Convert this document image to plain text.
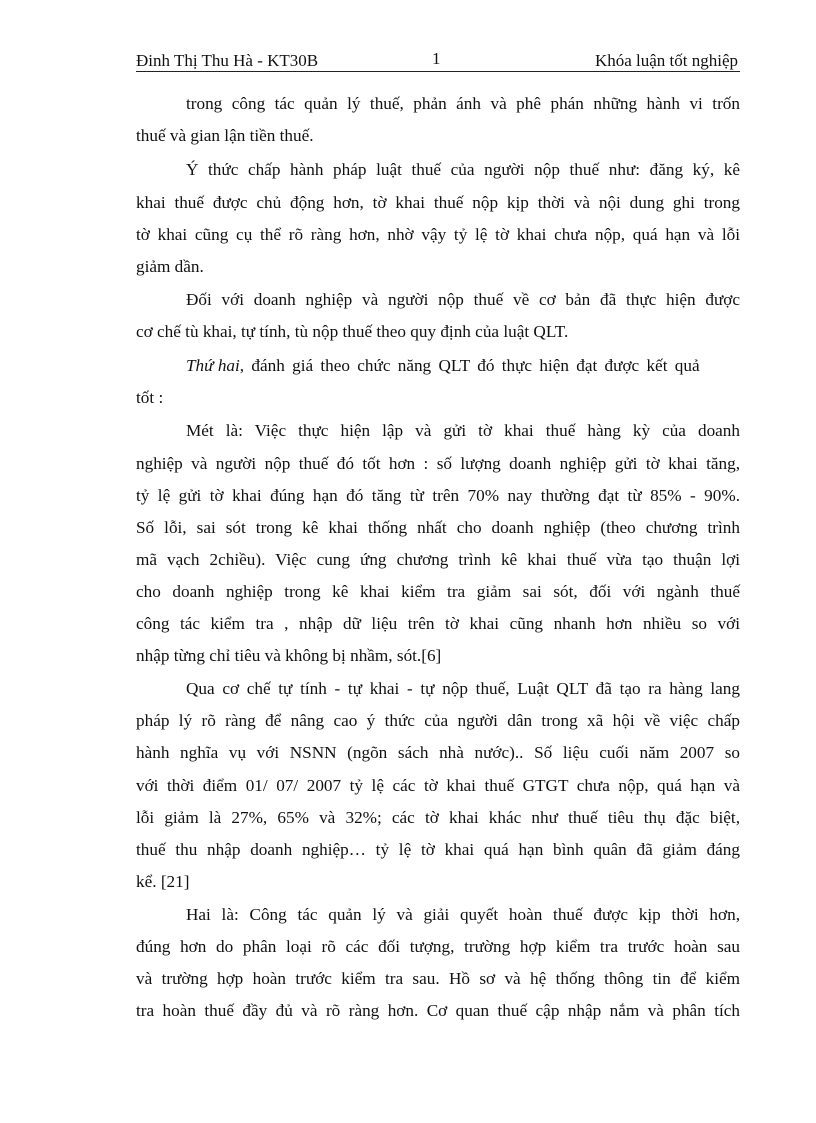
Đinh Thị Thu Hà - KT30B	1	Khóa luận tốt nghiệp
trong công tác quản lý thuế, phản ánh và phê phán những hành vi trốn
thuế và gian lận tiền thuế.
Ý thức chấp hành pháp luật thuế của người nộp thuế như: đăng ký, kê
khai thuế được chủ động hơn, tờ khai thuế nộp kịp thời và nội dung ghi trong
tờ khai cũng cụ thể rõ ràng hơn, nhờ vậy tỷ lệ tờ khai chưa nộp, quá hạn và lỗi
giảm dần.
Đối với doanh nghiệp và người nộp thuế về cơ bản đã thực hiện được
cơ chế tù khai, tự tính, tù nộp thuế theo quy định của luật QLT.
Thứ hai, đánh giá theo chức năng QLT đó thực hiện đạt được kết quả
tốt :
Mét là: Việc thực hiện lập và gửi tờ khai thuế hàng kỳ của doanh
nghiệp và người nộp thuế đó tốt hơn : số lượng doanh nghiệp gửi tờ khai tăng,
tỷ lệ gửi tờ khai đúng hạn đó tăng từ trên 70% nay thường đạt từ 85% - 90%.
Số lỗi, sai sót trong kê khai thống nhất cho doanh nghiệp (theo chương trình
mã vạch 2chiều). Việc cung ứng chương trình kê khai thuế vừa tạo thuận lợi
cho doanh nghiệp trong kê khai kiểm tra giảm sai sót, đối với ngành thuế
công tác kiểm tra , nhập dữ liệu trên tờ khai cũng nhanh hơn nhiều so với
nhập từng chỉ tiêu và không bị nhầm, sót.[6]
Qua cơ chế tự tính - tự khai - tự nộp thuế, Luật QLT đã tạo ra hàng lang
pháp lý rõ ràng để nâng cao ý thức của người dân trong xã hội về việc chấp
hành nghĩa vụ với NSNN (ngõn sách nhà nước).. Số liệu cuối năm 2007 so
với thời điểm 01/ 07/ 2007 tỷ lệ các tờ khai thuế GTGT chưa nộp, quá hạn và
lỗi giảm là 27%, 65% và 32%; các tờ khai khác như thuế tiêu thụ đặc biệt,
thuế thu nhập doanh nghiệp… tỷ lệ tờ khai quá hạn bình quân đã giảm đáng
kể. [21]
Hai là: Công tác quản lý và giải quyết hoàn thuế được kịp thời hơn,
đúng hơn do phân loại rõ các đối tượng, trường hợp kiểm tra trước hoàn sau
và trường hợp hoàn trước kiểm tra sau. Hồ sơ và hệ thống thông tin để kiểm
tra hoàn thuế đầy đủ và rõ ràng hơn. Cơ quan thuế cập nhập nắm và phân tích
